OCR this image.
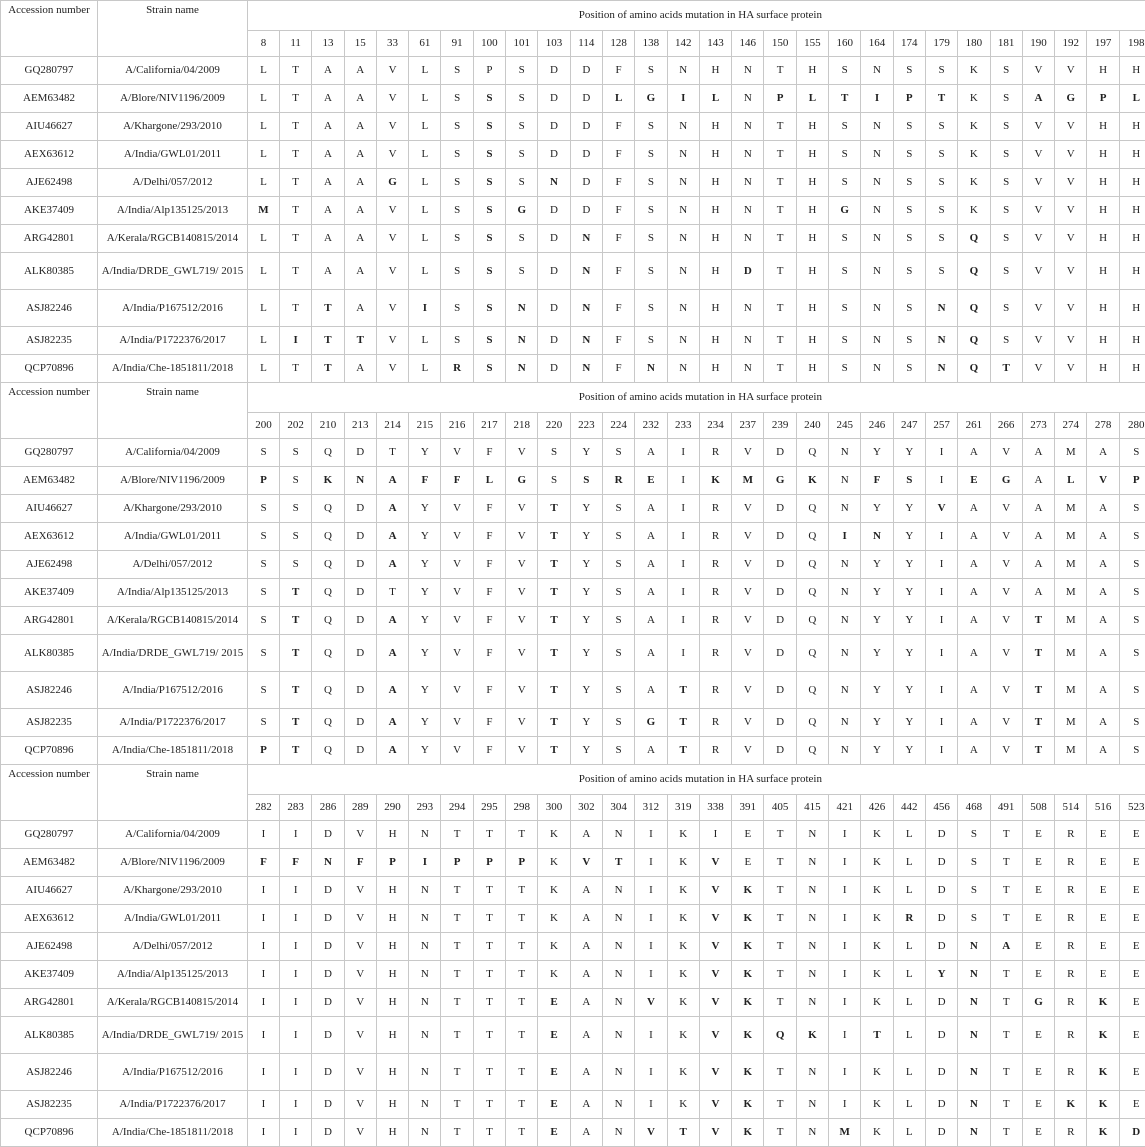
Accession number	Strain name	Position of amino acids mutation in HA surface protein																											
		8	11	13	15	33	61	91	100	101	103	114	128	138	142	143	146	150	155	160	164	174	179	180	181	190	192	197	198
GQ280797	A/California/04/2009	L	T	A	A	V	L	S	P	S	D	D	F	S	N	H	N	T	H	S	N	S	S	K	S	V	V	H	H
AEM63482	A/Blore/NIV1196/2009	L	T	A	A	V	L	S	S	S	D	D	L	G	I	L	N	P	L	T	I	P	T	K	S	A	G	P	L
AIU46627	A/Khargone/293/2010	L	T	A	A	V	L	S	S	S	D	D	F	S	N	H	N	T	H	S	N	S	S	K	S	V	V	H	H
AEX63612	A/India/GWL01/2011	L	T	A	A	V	L	S	S	S	D	D	F	S	N	H	N	T	H	S	N	S	S	K	S	V	V	H	H
AJE62498	A/Delhi/057/2012	L	T	A	A	G	L	S	S	S	N	D	F	S	N	H	N	T	H	S	N	S	S	K	S	V	V	H	H
AKE37409	A/India/Alp135125/2013	M	T	A	A	V	L	S	S	G	D	D	F	S	N	H	N	T	H	G	N	S	S	K	S	V	V	H	H
ARG42801	A/Kerala/RGCB140815/2014	L	T	A	A	V	L	S	S	S	D	N	F	S	N	H	N	T	H	S	N	S	S	Q	S	V	V	H	H
ALK80385	A/India/DRDE_GWL719/ 2015	L	T	A	A	V	L	S	S	S	D	N	F	S	N	H	D	T	H	S	N	S	S	Q	S	V	V	H	H
ASJ82246	A/India/P167512/2016	L	T	T	A	V	I	S	S	N	D	N	F	S	N	H	N	T	H	S	N	S	N	Q	S	V	V	H	H
ASJ82235	A/India/P1722376/2017	L	I	T	T	V	L	S	S	N	D	N	F	S	N	H	N	T	H	S	N	S	N	Q	S	V	V	H	H
QCP70896	A/India/Che-1851811/2018	L	T	T	A	V	L	R	S	N	D	N	F	N	N	H	N	T	H	S	N	S	N	Q	T	V	V	H	H
Accession number	Strain name	Position of amino acids mutation in HA surface protein																											
		200	202	210	213	214	215	216	217	218	220	223	224	232	233	234	237	239	240	245	246	247	257	261	266	273	274	278	280
GQ280797	A/California/04/2009	S	S	Q	D	T	Y	V	F	V	S	Y	S	A	I	R	V	D	Q	N	Y	Y	I	A	V	A	M	A	S
AEM63482	A/Blore/NIV1196/2009	P	S	K	N	A	F	F	L	G	S	S	R	E	I	K	M	G	K	N	F	S	I	E	G	A	L	V	P
AIU46627	A/Khargone/293/2010	S	S	Q	D	A	Y	V	F	V	T	Y	S	A	I	R	V	D	Q	N	Y	Y	V	A	V	A	M	A	S
AEX63612	A/India/GWL01/2011	S	S	Q	D	A	Y	V	F	V	T	Y	S	A	I	R	V	D	Q	I	N	Y	I	A	V	A	M	A	S
AJE62498	A/Delhi/057/2012	S	S	Q	D	A	Y	V	F	V	T	Y	S	A	I	R	V	D	Q	N	Y	Y	I	A	V	A	M	A	S
AKE37409	A/India/Alp135125/2013	S	T	Q	D	T	Y	V	F	V	T	Y	S	A	I	R	V	D	Q	N	Y	Y	I	A	V	A	M	A	S
ARG42801	A/Kerala/RGCB140815/2014	S	T	Q	D	A	Y	V	F	V	T	Y	S	A	I	R	V	D	Q	N	Y	Y	I	A	V	T	M	A	S
ALK80385	A/India/DRDE_GWL719/ 2015	S	T	Q	D	A	Y	V	F	V	T	Y	S	A	I	R	V	D	Q	N	Y	Y	I	A	V	T	M	A	S
ASJ82246	A/India/P167512/2016	S	T	Q	D	A	Y	V	F	V	T	Y	S	A	T	R	V	D	Q	N	Y	Y	I	A	V	T	M	A	S
ASJ82235	A/India/P1722376/2017	S	T	Q	D	A	Y	V	F	V	T	Y	S	G	T	R	V	D	Q	N	Y	Y	I	A	V	T	M	A	S
QCP70896	A/India/Che-1851811/2018	P	T	Q	D	A	Y	V	F	V	T	Y	S	A	T	R	V	D	Q	N	Y	Y	I	A	V	T	M	A	S
Accession number	Strain name	Position of amino acids mutation in HA surface protein																											
		282	283	286	289	290	293	294	295	298	300	302	304	312	319	338	391	405	415	421	426	442	456	468	491	508	514	516	523
GQ280797	A/California/04/2009	I	I	D	V	H	N	T	T	T	K	A	N	I	K	I	E	T	N	I	K	L	D	S	T	E	R	E	E
AEM63482	A/Blore/NIV1196/2009	F	F	N	F	P	I	P	P	P	K	V	T	I	K	V	E	T	N	I	K	L	D	S	T	E	R	E	E
AIU46627	A/Khargone/293/2010	I	I	D	V	H	N	T	T	T	K	A	N	I	K	V	K	T	N	I	K	L	D	S	T	E	R	E	E
AEX63612	A/India/GWL01/2011	I	I	D	V	H	N	T	T	T	K	A	N	I	K	V	K	T	N	I	K	R	D	S	T	E	R	E	E
AJE62498	A/Delhi/057/2012	I	I	D	V	H	N	T	T	T	K	A	N	I	K	V	K	T	N	I	K	L	D	N	A	E	R	E	E
AKE37409	A/India/Alp135125/2013	I	I	D	V	H	N	T	T	T	K	A	N	I	K	V	K	T	N	I	K	L	Y	N	T	E	R	E	E
ARG42801	A/Kerala/RGCB140815/2014	I	I	D	V	H	N	T	T	T	E	A	N	V	K	V	K	T	N	I	K	L	D	N	T	G	R	K	E
ALK80385	A/India/DRDE_GWL719/ 2015	I	I	D	V	H	N	T	T	T	E	A	N	I	K	V	K	Q	K	I	T	L	D	N	T	E	R	K	E
ASJ82246	A/India/P167512/2016	I	I	D	V	H	N	T	T	T	E	A	N	I	K	V	K	T	N	I	K	L	D	N	T	E	R	K	E
ASJ82235	A/India/P1722376/2017	I	I	D	V	H	N	T	T	T	E	A	N	I	K	V	K	T	N	I	K	L	D	N	T	E	K	K	E
QCP70896	A/India/Che-1851811/2018	I	I	D	V	H	N	T	T	T	E	A	N	V	T	V	K	T	N	M	K	L	D	N	T	E	R	K	D
